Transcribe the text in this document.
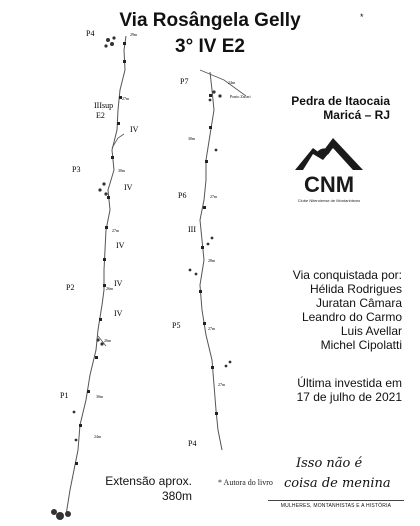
Via Rosângela Gelly	*
3° IV E2
Pedra de Itaocaia
Maricá – RJ
CNM
Clube Niteroiense de Montanhismo
Via conquistada por:
Hélida Rodrigues
Juratan Câmara
Leandro do Carmo
Luis Avellar
Michel Cipolatti
Última investida em
17 de julho de 2021
Extensão aprox.
380m
* Autora do livro
Isso não é
coisa de menina
MULHERES, MONTANHISTAS E A HISTÓRIA
P4
P3
P2
P1
P7
P6
P5
P4
IIIsup
E2
IV
IV
IV
IV
IV
III
29m
27m
30m
27m
26m
26m
30m
24m
24m
30m
27m
28m
27m
27m
Ponto Zacari
